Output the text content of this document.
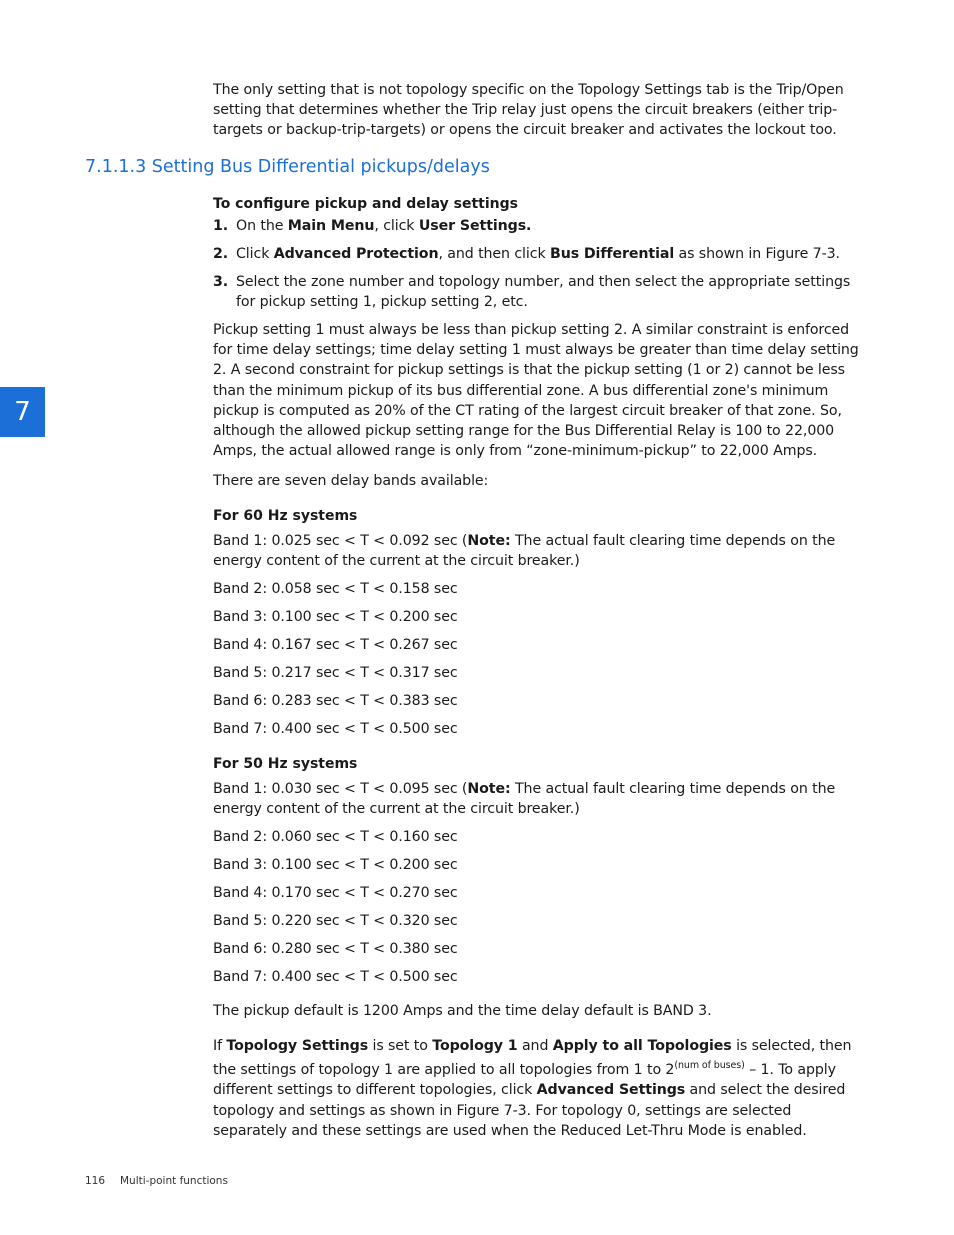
The only setting that is not topology specific on the Topology Settings tab is the Trip/Open setting that determines whether the Trip relay just opens the circuit breakers (either trip-targets or backup-trip-targets) or opens the circuit breaker and activates the lockout too.

7.1.1.3 Setting Bus Differential pickups/delays
To configure pickup and delay settings
1. On the Main Menu, click User Settings.
2. Click Advanced Protection, and then click Bus Differential as shown in Figure 7-3.
3. Select the zone number and topology number, and then select the appropriate settings for pickup setting 1, pickup setting 2, etc.

Pickup setting 1 must always be less than pickup setting 2. A similar constraint is enforced for time delay settings; time delay setting 1 must always be greater than time delay setting 2. A second constraint for pickup settings is that the pickup setting (1 or 2) cannot be less than the minimum pickup of its bus differential zone. A bus differential zone's minimum pickup is computed as 20% of the CT rating of the largest circuit breaker of that zone. So, although the allowed pickup setting range for the Bus Differential Relay is 100 to 22,000 Amps, the actual allowed range is only from “zone-minimum-pickup” to 22,000 Amps.

There are seven delay bands available:
For 60 Hz systems
Band 1: 0.025 sec < T < 0.092 sec (Note: The actual fault clearing time depends on the energy content of the current at the circuit breaker.)
Band 2: 0.058 sec < T < 0.158 sec
Band 3: 0.100 sec < T < 0.200 sec
Band 4: 0.167 sec < T < 0.267 sec
Band 5: 0.217 sec < T < 0.317 sec
Band 6: 0.283 sec < T < 0.383 sec
Band 7: 0.400 sec < T < 0.500 sec
For 50 Hz systems
Band 1: 0.030 sec < T < 0.095 sec (Note: The actual fault clearing time depends on the energy content of the current at the circuit breaker.)
Band 2: 0.060 sec < T < 0.160 sec
Band 3: 0.100 sec < T < 0.200 sec
Band 4: 0.170 sec < T < 0.270 sec
Band 5: 0.220 sec < T < 0.320 sec
Band 6: 0.280 sec < T < 0.380 sec
Band 7: 0.400 sec < T < 0.500 sec
The pickup default is 1200 Amps and the time delay default is BAND 3.

If Topology Settings is set to Topology 1 and Apply to all Topologies is selected, then the settings of topology 1 are applied to all topologies from 1 to $2^{(num of buses)} - 1$. To apply different settings to different topologies, click Advanced Settings and select the desired topology and settings as shown in Figure 7-3. For topology 0, settings are selected separately and these settings are used when the Reduced Let-Thru Mode is enabled.

7
116 Multi-point functions
